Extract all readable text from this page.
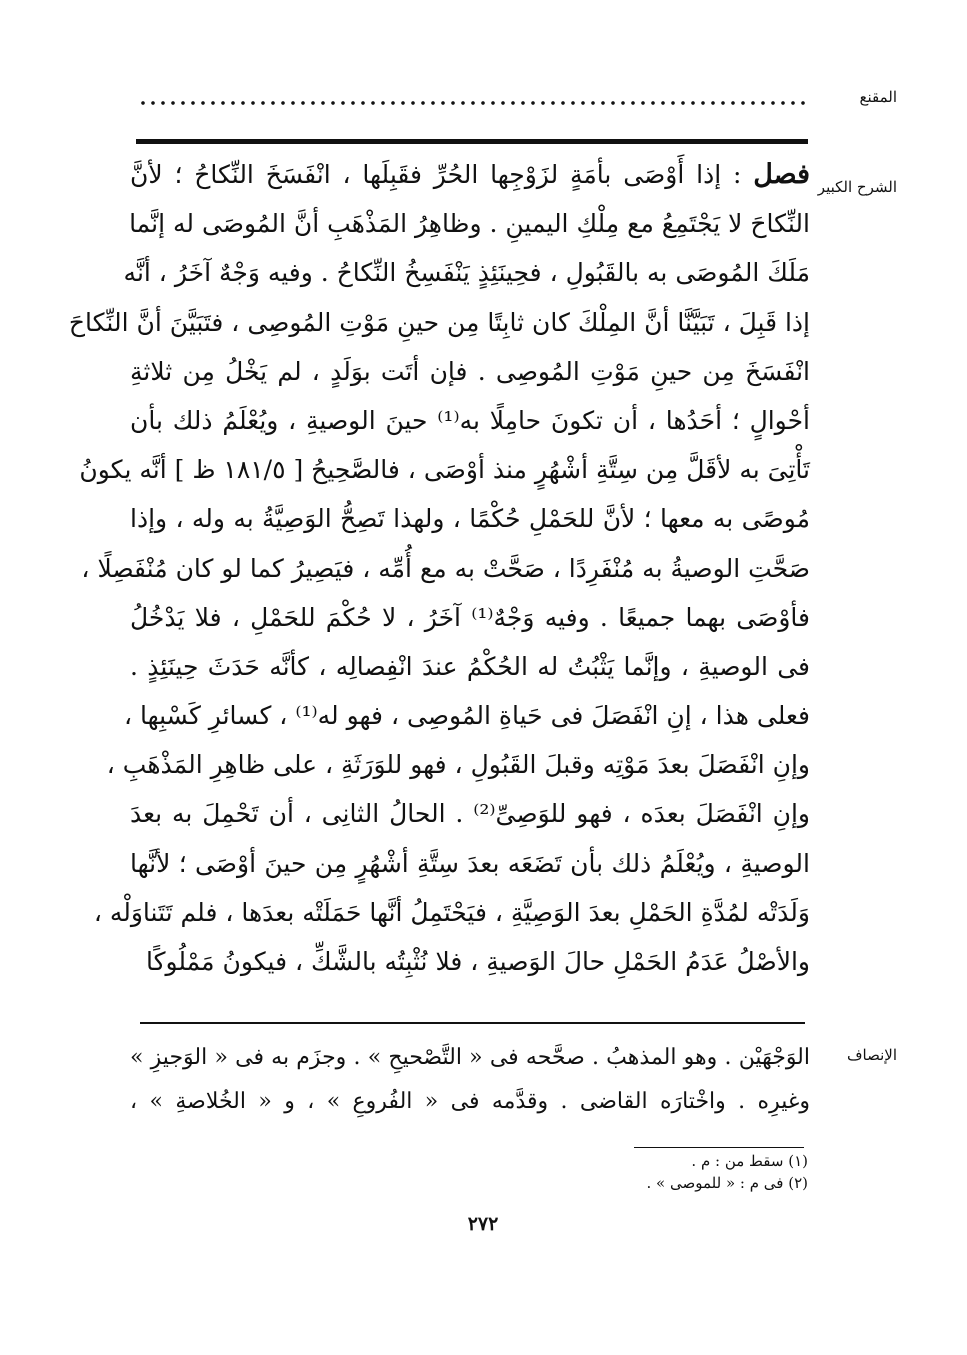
المقنع
الشرح الكبير
فصل : إذا أَوْصَى بأمَةٍ لزَوْجِها الحُرِّ فقَبِلَها ، انْفَسَخَ النِّكاحُ ؛ لأنَّ
النِّكاحَ لا يَجْتَمِعُ مع مِلْكِ اليمينِ . وظاهِرُ المَذْهَبِ أنَّ المُوصَى له إنَّما
مَلَكَ المُوصَى به بالقَبُولِ ، فحِينَئِذٍ يَنْفَسِخُ النِّكاحُ . وفيه وَجْهٌ آخَرُ ، أنَّه
إذا قَبِلَ ، تَبَيَّنَّا أنَّ المِلْكَ كان ثابِتًا مِن حينِ مَوْتِ المُوصِى ، فتَبَيَّنَ أنَّ النِّكاحَ
انْفَسَخَ مِن حينِ مَوْتِ المُوصِى . فإن أتَت بوَلَدٍ ، لم يَخْلُ مِن ثلاثةِ
أحْوالٍ ؛ أحَدُها ، أن تكونَ حامِلًا به⁽¹⁾ حينَ الوصيةِ ، ويُعْلَمُ ذلك بأن
تَأْتِىَ به لأقَلَّ مِن سِتَّةِ أشْهُرٍ منذ أوْصَى ، فالصَّحِيحُ [ ١٨١/٥ ظ ] أنَّه يكونُ
مُوصًى به معها ؛ لأنَّ للحَمْلِ حُكْمًا ، ولهذا تَصِحُّ الوَصِيَّةُ به وله ، وإذا
صَحَّتِ الوصيةُ به مُنْفَرِدًا ، صَحَّتْ به مع أُمِّه ، فيَصِيرُ كما لو كان مُنْفَصِلًا ،
فأوْصَى بهما جميعًا . وفيه وَجْهٌ⁽¹⁾ آخَرُ ، لا حُكْمَ للحَمْلِ ، فلا يَدْخُلُ
فى الوصيةِ ، وإنَّما يَثْبُتُ له الحُكْمُ عندَ انْفِصالِه ، كأنَّه حَدَثَ حِينَئِذٍ .
فعلى هذا ، إنِ انْفَصَلَ فى حَياةِ المُوصِى ، فهو له⁽¹⁾ ، كسائرِ كَسْبِها ،
وإنِ انْفَصَلَ بعدَ مَوْتِه وقبلَ القَبُولِ ، فهو للوَرَثَةِ ، على ظاهِرِ المَذْهَبِ ،
وإنِ انْفَصَلَ بعدَه ، فهو للوَصِىِّ⁽²⁾ . الحالُ الثانِى ، أن تَحْمِلَ به بعدَ
الوصيةِ ، ويُعْلَمُ ذلك بأن تَضَعَه بعدَ سِتَّةِ أشْهُرٍ مِن حينَ أوْصَى ؛ لأنَّها
وَلَدَتْه لمُدَّةِ الحَمْلِ بعدَ الوَصِيَّةِ ، فيَحْتَمِلُ أنَّها حَمَلَتْه بعدَها ، فلم تَتَناوَلْه ،
والأصْلُ عَدَمُ الحَمْلِ حالَ الوَصيةِ ، فلا نُثْبِتُه بالشَّكِّ ، فيكونُ مَمْلُوكًا
الإنصاف
الوَجْهَيْن . وهو المذهبُ . صحَّحه فى « التَّصْحيحِ » . وجزَم به فى « الوَجيزِ »
وغيرِه . واخْتارَه القاضى . وقدَّمه فى « الفُروعِ » ، و « الخُلاصةِ » ،
(١) سقط من : م .
(٢) فى م : « للموصى » .
٢٧٢
